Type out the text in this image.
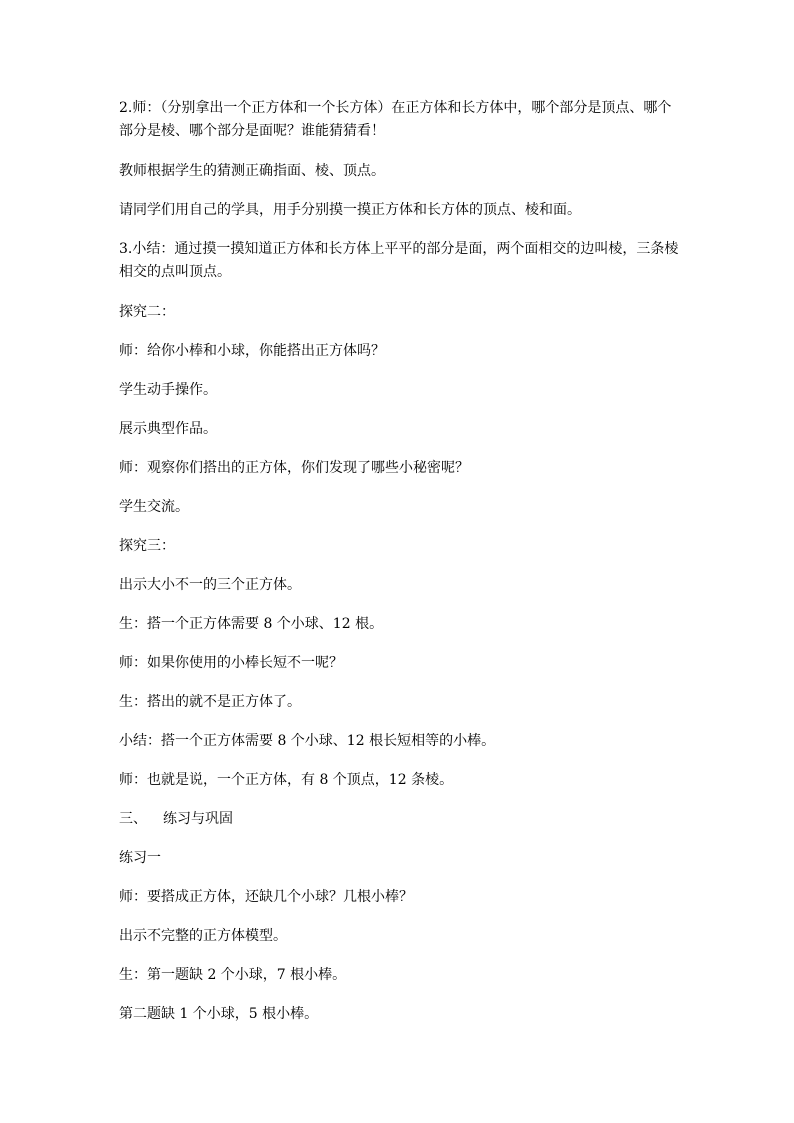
2.师：（分别拿出一个正方体和一个长方体）在正方体和长方体中，哪个部分是顶点、哪个部分是棱、哪个部分是面呢？谁能猜猜看！

教师根据学生的猜测正确指面、棱、顶点。

请同学们用自己的学具，用手分别摸一摸正方体和长方体的顶点、棱和面。

3.小结：通过摸一摸知道正方体和长方体上平平的部分是面，两个面相交的边叫棱，三条棱相交的点叫顶点。

探究二：

师：给你小棒和小球，你能搭出正方体吗？

学生动手操作。

展示典型作品。

师：观察你们搭出的正方体，你们发现了哪些小秘密呢？

学生交流。

探究三：

出示大小不一的三个正方体。

生：搭一个正方体需要 8 个小球、12 根。

师：如果你使用的小棒长短不一呢？

生：搭出的就不是正方体了。

小结：搭一个正方体需要 8 个小球、12 根长短相等的小棒。

师：也就是说，一个正方体，有 8 个顶点，12 条棱。

三、 练习与巩固

练习一

师：要搭成正方体，还缺几个小球？几根小棒？

出示不完整的正方体模型。

生：第一题缺 2 个小球，7 根小棒。

第二题缺 1 个小球，5 根小棒。
